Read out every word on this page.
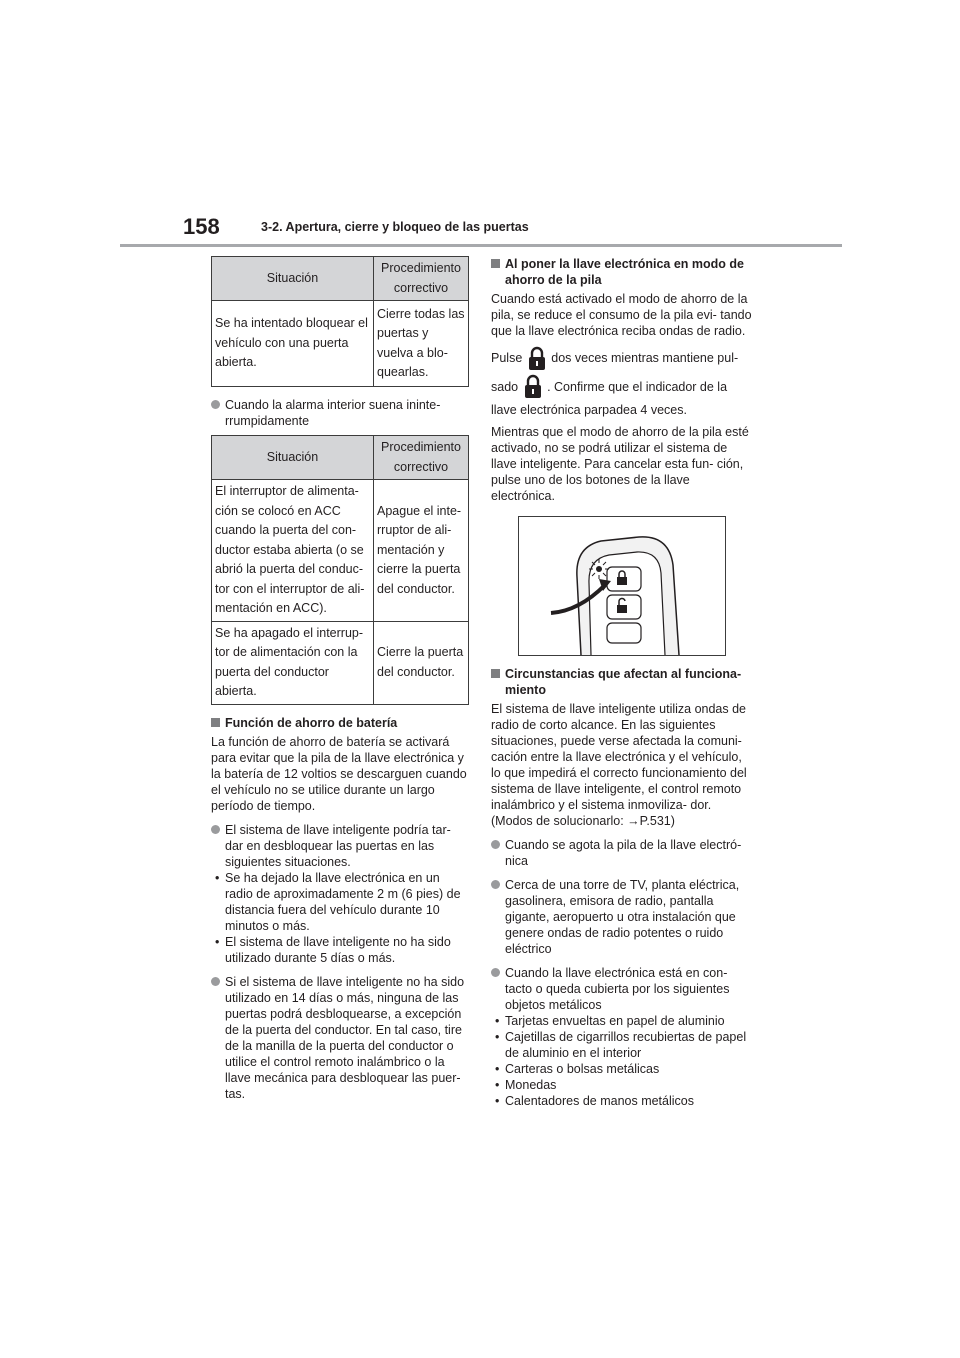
158	3-2. Apertura, cierre y bloqueo de las puertas
Situación	Procedimiento correctivo
Se ha intentado bloquear el vehículo con una puerta abierta.	Cierre todas las puertas y vuelva a blo- quearlas.
Cuando la alarma interior suena ininte- rrumpidamente
Situación	Procedimiento correctivo
El interruptor de alimenta- ción se colocó en ACC cuando la puerta del con- ductor estaba abierta (o se abrió la puerta del conduc- tor con el interruptor de ali- mentación en ACC).	Apague el inte- rruptor de ali- mentación y cierre la puerta del conductor.
Se ha apagado el interrup- tor de alimentación con la puerta del conductor abierta.	Cierre la puerta del conductor.
Función de ahorro de batería

La función de ahorro de batería se activará para evitar que la pila de la llave electrónica y la batería de 12 voltios se descarguen cuando el vehículo no se utilice durante un largo período de tiempo.

El sistema de llave inteligente podría tar- dar en desbloquear las puertas en las siguientes situaciones.
• Se ha dejado la llave electrónica en un radio de aproximadamente 2 m (6 pies) de distancia fuera del vehículo durante 10 minutos o más.
• El sistema de llave inteligente no ha sido utilizado durante 5 días o más.
Si el sistema de llave inteligente no ha sido utilizado en 14 días o más, ninguna de las puertas podrá desbloquearse, a excepción de la puerta del conductor. En tal caso, tire de la manilla de la puerta del conductor o utilice el control remoto inalámbrico o la llave mecánica para desbloquear las puer- tas.
Al poner la llave electrónica en modo de ahorro de la pila

Cuando está activado el modo de ahorro de la pila, se reduce el consumo de la pila evi- tando que la llave electrónica reciba ondas de radio.

Pulse dos veces mientras mantiene pul-

sado . Confirme que el indicador de la

llave electrónica parpadea 4 veces.

Mientras que el modo de ahorro de la pila esté activado, no se podrá utilizar el sistema de llave inteligente. Para cancelar esta fun- ción, pulse uno de los botones de la llave electrónica.

Circunstancias que afectan al funciona- miento

El sistema de llave inteligente utiliza ondas de radio de corto alcance. En las siguientes situaciones, puede verse afectada la comuni- cación entre la llave electrónica y el vehículo, lo que impedirá el correcto funcionamiento del sistema de llave inteligente, el control remoto inalámbrico y el sistema inmoviliza- dor. (Modos de solucionarlo: →P.531)

Cuando se agota la pila de la llave electró- nica
Cerca de una torre de TV, planta eléctrica, gasolinera, emisora de radio, pantalla gigante, aeropuerto u otra instalación que genere ondas de radio potentes o ruido eléctrico
Cuando la llave electrónica está en con- tacto o queda cubierta por los siguientes objetos metálicos
• Tarjetas envueltas en papel de aluminio
• Cajetillas de cigarrillos recubiertas de papel de aluminio en el interior
• Carteras o bolsas metálicas
• Monedas
• Calentadores de manos metálicos
